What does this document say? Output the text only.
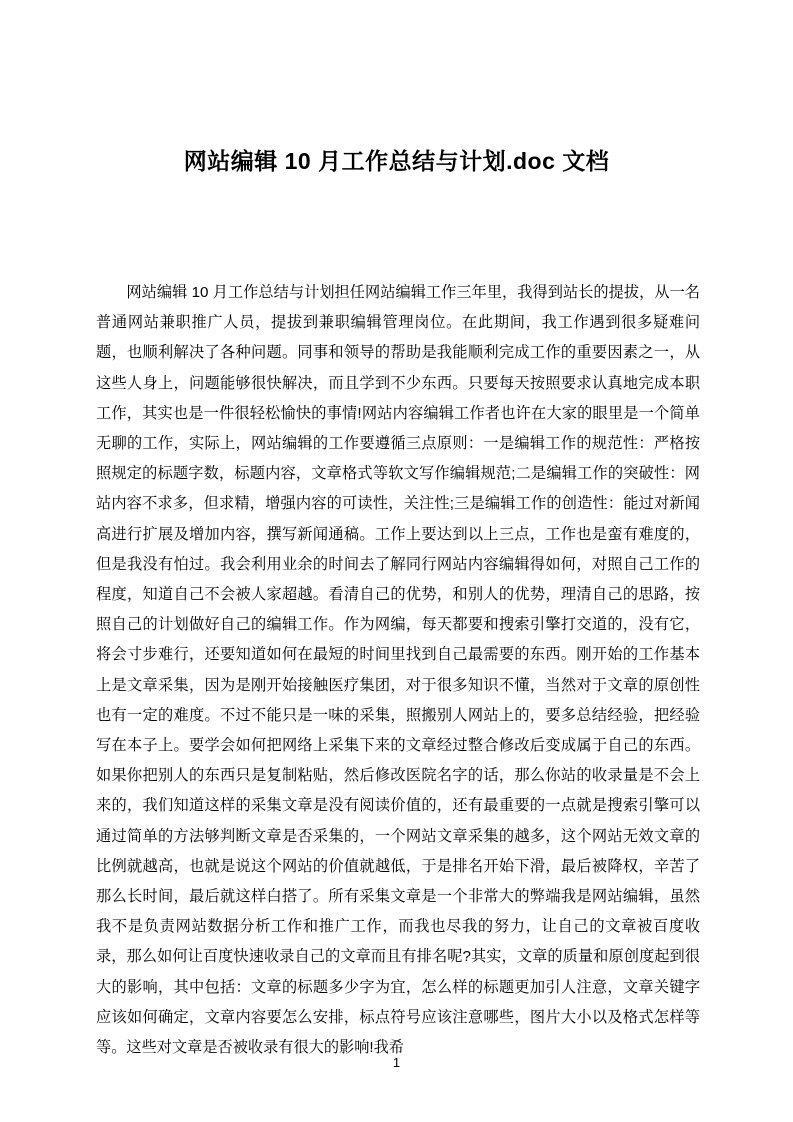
网站编辑 10 月工作总结与计划.doc 文档

网站编辑 10 月工作总结与计划担任网站编辑工作三年里，我得到站长的提拔，从一名普通网站兼职推广人员，提拔到兼职编辑管理岗位。在此期间，我工作遇到很多疑难问题，也顺利解决了各种问题。同事和领导的帮助是我能顺利完成工作的重要因素之一，从这些人身上，问题能够很快解决，而且学到不少东西。只要每天按照要求认真地完成本职工作，其实也是一件很轻松愉快的事情!网站内容编辑工作者也许在大家的眼里是一个简单无聊的工作，实际上，网站编辑的工作要遵循三点原则：一是编辑工作的规范性：严格按照规定的标题字数，标题内容，文章格式等软文写作编辑规范;二是编辑工作的突破性：网站内容不求多，但求精，增强内容的可读性，关注性;三是编辑工作的创造性：能过对新闻高进行扩展及增加内容，撰写新闻通稿。工作上要达到以上三点，工作也是蛮有难度的，但是我没有怕过。我会利用业余的时间去了解同行网站内容编辑得如何，对照自己工作的程度，知道自己不会被人家超越。看清自己的优势，和别人的优势，理清自己的思路，按照自己的计划做好自己的编辑工作。作为网编，每天都要和搜索引擎打交道的，没有它，将会寸步难行，还要知道如何在最短的时间里找到自己最需要的东西。刚开始的工作基本上是文章采集，因为是刚开始接触医疗集团，对于很多知识不懂，当然对于文章的原创性也有一定的难度。不过不能只是一味的采集，照搬别人网站上的，要多总结经验，把经验写在本子上。要学会如何把网络上采集下来的文章经过整合修改后变成属于自己的东西。如果你把别人的东西只是复制粘贴，然后修改医院名字的话，那么你站的收录量是不会上来的，我们知道这样的采集文章是没有阅读价值的，还有最重要的一点就是搜索引擎可以通过简单的方法够判断文章是否采集的，一个网站文章采集的越多，这个网站无效文章的比例就越高，也就是说这个网站的价值就越低，于是排名开始下滑，最后被降权，辛苦了那么长时间，最后就这样白搭了。所有采集文章是一个非常大的弊端我是网站编辑，虽然我不是负责网站数据分析工作和推广工作，而我也尽我的努力，让自己的文章被百度收录，那么如何让百度快速收录自己的文章而且有排名呢?其实，文章的质量和原创度起到很大的影响，其中包括：文章的标题多少字为宜，怎么样的标题更加引人注意，文章关键字应该如何确定，文章内容要怎么安排，标点符号应该注意哪些，图片大小以及格式怎样等等。这些对文章是否被收录有很大的影响!我希

1
